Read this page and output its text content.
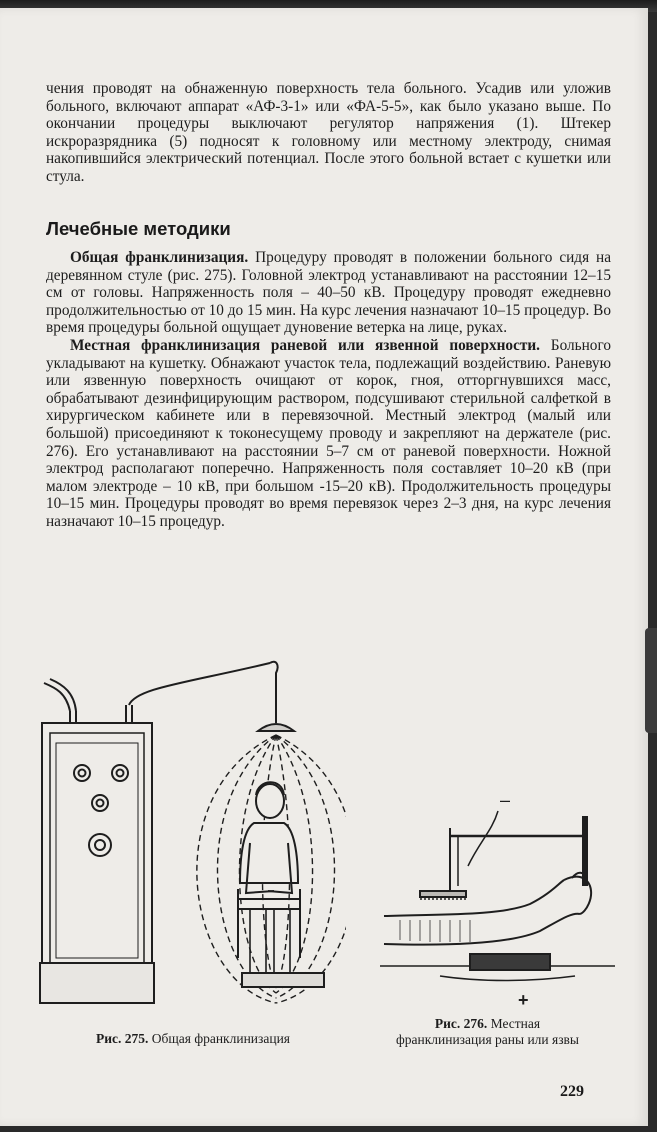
чения проводят на обнаженную поверхность тела больного. Усадив или уложив больного, включают аппарат «АФ-3-1» или «ФА-5-5», как было указано выше. По окончании процедуры выключают регулятор напряжения (1). Штекер искроразрядника (5) подносят к головному или местному электроду, снимая накопившийся электрический потенциал. После этого больной встает с кушетки или стула.

Лечебные методики

Общая франклинизация. Процедуру проводят в положении больного сидя на деревянном стуле (рис. 275). Головной электрод устанавливают на расстоянии 12–15 см от головы. Напряженность поля – 40–50 кВ. Процедуру проводят ежедневно продолжительностью от 10 до 15 мин. На курс лечения назначают 10–15 процедур. Во время процедуры больной ощущает дуновение ветерка на лице, руках.

Местная франклинизация раневой или язвенной поверхности. Больного укладывают на кушетку. Обнажают участок тела, подлежащий воздействию. Раневую или язвенную поверхность очищают от корок, гноя, отторгнувшихся масс, обрабатывают дезинфицирующим раствором, подсушивают стерильной салфеткой в хирургическом кабинете или в перевязочной. Местный электрод (малый или большой) присоединяют к токонесущему проводу и закрепляют на держателе (рис. 276). Его устанавливают на расстоянии 5–7 см от раневой поверхности. Ножной электрод располагают поперечно. Напряженность поля составляет 10–20 кВ (при малом электроде – 10 кВ, при большом -15–20 кВ). Продолжительность процедуры 10–15 мин. Процедуры проводят во время перевязок через 2–3 дня, на курс лечения назначают 10–15 процедур.

Рис. 275. Общая франклинизация
–
+
Рис. 276. Местная
франклинизация раны или язвы
229
